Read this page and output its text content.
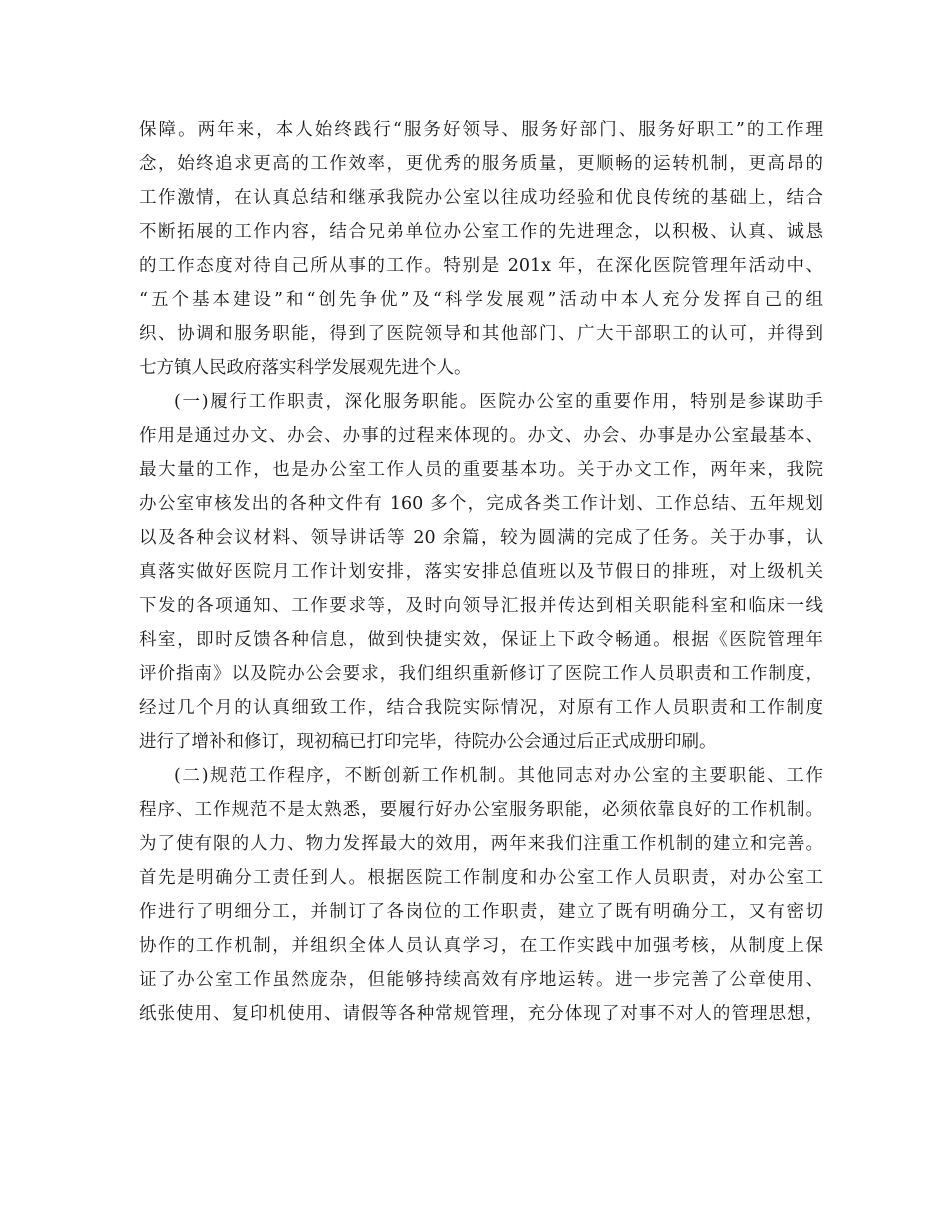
保障。两年来，本人始终践行“服务好领导、服务好部门、服务好职工”的工作理
念，始终追求更高的工作效率，更优秀的服务质量，更顺畅的运转机制，更高昂的
工作激情，在认真总结和继承我院办公室以往成功经验和优良传统的基础上，结合
不断拓展的工作内容，结合兄弟单位办公室工作的先进理念，以积极、认真、诚恳
的工作态度对待自己所从事的工作。特别是 201x 年，在深化医院管理年活动中、
“五个基本建设”和“创先争优”及“科学发展观”活动中本人充分发挥自己的组
织、协调和服务职能，得到了医院领导和其他部门、广大干部职工的认可，并得到
七方镇人民政府落实科学发展观先进个人。
(一)履行工作职责，深化服务职能。医院办公室的重要作用，特别是参谋助手
作用是通过办文、办会、办事的过程来体现的。办文、办会、办事是办公室最基本、
最大量的工作，也是办公室工作人员的重要基本功。关于办文工作，两年来，我院
办公室审核发出的各种文件有 160 多个，完成各类工作计划、工作总结、五年规划
以及各种会议材料、领导讲话等 20 余篇，较为圆满的完成了任务。关于办事，认
真落实做好医院月工作计划安排，落实安排总值班以及节假日的排班，对上级机关
下发的各项通知、工作要求等，及时向领导汇报并传达到相关职能科室和临床一线
科室，即时反馈各种信息，做到快捷实效，保证上下政令畅通。根据《医院管理年
评价指南》以及院办公会要求，我们组织重新修订了医院工作人员职责和工作制度，
经过几个月的认真细致工作，结合我院实际情况，对原有工作人员职责和工作制度
进行了增补和修订，现初稿已打印完毕，待院办公会通过后正式成册印刷。
(二)规范工作程序，不断创新工作机制。其他同志对办公室的主要职能、工作
程序、工作规范不是太熟悉，要履行好办公室服务职能，必须依靠良好的工作机制。
为了使有限的人力、物力发挥最大的效用，两年来我们注重工作机制的建立和完善。
首先是明确分工责任到人。根据医院工作制度和办公室工作人员职责，对办公室工
作进行了明细分工，并制订了各岗位的工作职责，建立了既有明确分工，又有密切
协作的工作机制，并组织全体人员认真学习，在工作实践中加强考核，从制度上保
证了办公室工作虽然庞杂，但能够持续高效有序地运转。进一步完善了公章使用、
纸张使用、复印机使用、请假等各种常规管理，充分体现了对事不对人的管理思想，
